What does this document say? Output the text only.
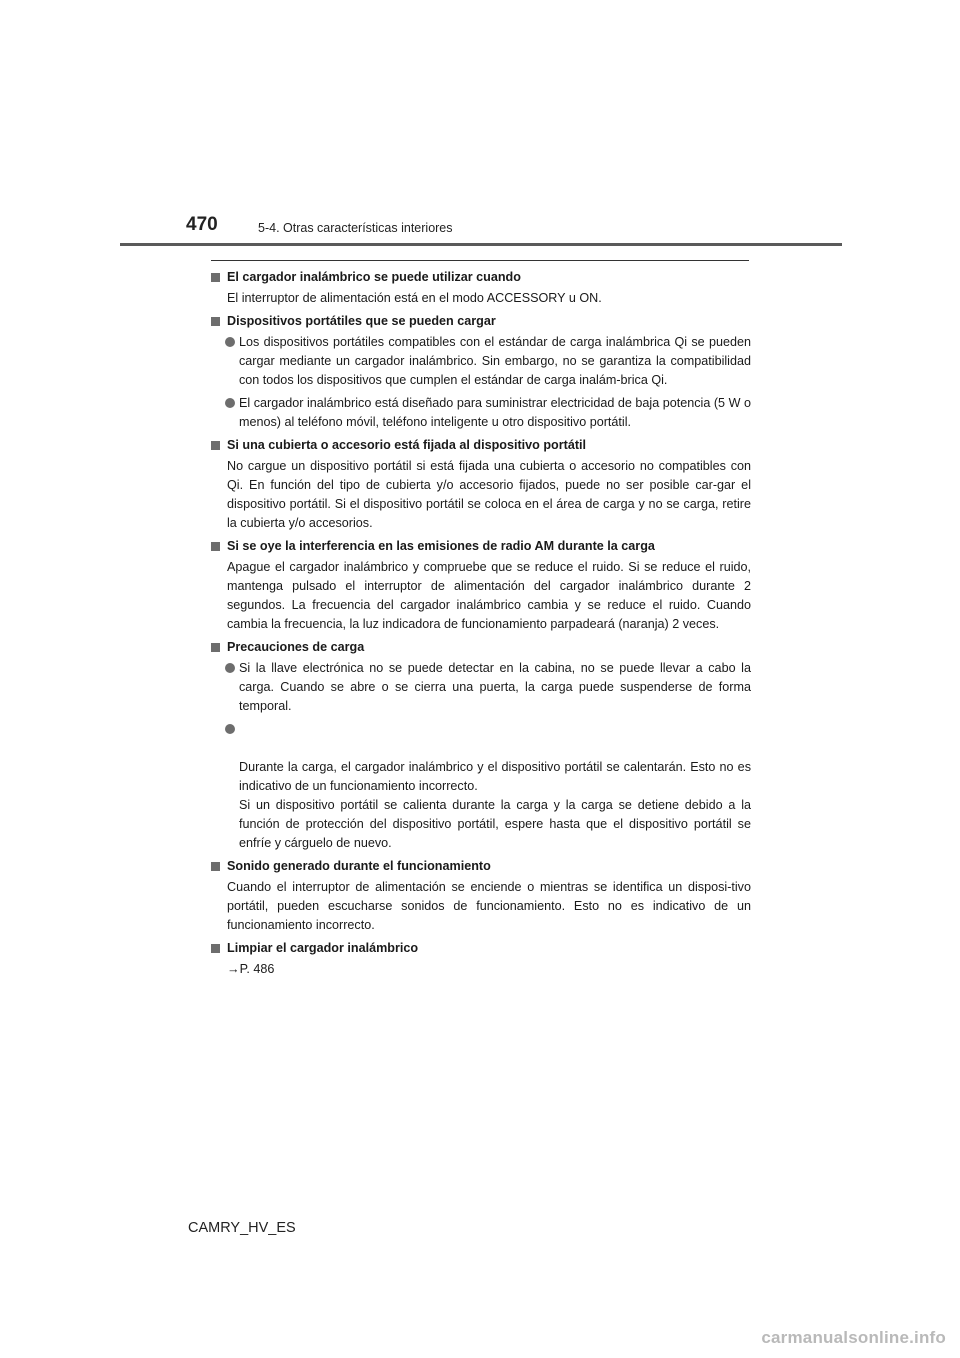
470	5-4. Otras características interiores
El cargador inalámbrico se puede utilizar cuando
El interruptor de alimentación está en el modo ACCESSORY u ON.
Dispositivos portátiles que se pueden cargar
Los dispositivos portátiles compatibles con el estándar de carga inalámbrica Qi se pueden cargar mediante un cargador inalámbrico. Sin embargo, no se garantiza la compatibilidad con todos los dispositivos que cumplen el estándar de carga inalám-brica Qi.
El cargador inalámbrico está diseñado para suministrar electricidad de baja potencia (5 W o menos) al teléfono móvil, teléfono inteligente u otro dispositivo portátil.
Si una cubierta o accesorio está fijada al dispositivo portátil
No cargue un dispositivo portátil si está fijada una cubierta o accesorio no compatibles con Qi. En función del tipo de cubierta y/o accesorio fijados, puede no ser posible car-gar el dispositivo portátil. Si el dispositivo portátil se coloca en el área de carga y no se carga, retire la cubierta y/o accesorios.
Si se oye la interferencia en las emisiones de radio AM durante la carga
Apague el cargador inalámbrico y compruebe que se reduce el ruido. Si se reduce el ruido, mantenga pulsado el interruptor de alimentación del cargador inalámbrico durante 2 segundos. La frecuencia del cargador inalámbrico cambia y se reduce el ruido. Cuando cambia la frecuencia, la luz indicadora de funcionamiento parpadeará (naranja) 2 veces.
Precauciones de carga
Si la llave electrónica no se puede detectar en la cabina, no se puede llevar a cabo la carga. Cuando se abre o se cierra una puerta, la carga puede suspenderse de forma temporal.

Durante la carga, el cargador inalámbrico y el dispositivo portátil se calentarán. Esto no es indicativo de un funcionamiento incorrecto.
Si un dispositivo portátil se calienta durante la carga y la carga se detiene debido a la función de protección del dispositivo portátil, espere hasta que el dispositivo portátil se enfríe y cárguelo de nuevo.

Sonido generado durante el funcionamiento
Cuando el interruptor de alimentación se enciende o mientras se identifica un disposi-tivo portátil, pueden escucharse sonidos de funcionamiento. Esto no es indicativo de un funcionamiento incorrecto.
Limpiar el cargador inalámbrico
→P. 486
CAMRY_HV_ES
carmanualsonline.info
